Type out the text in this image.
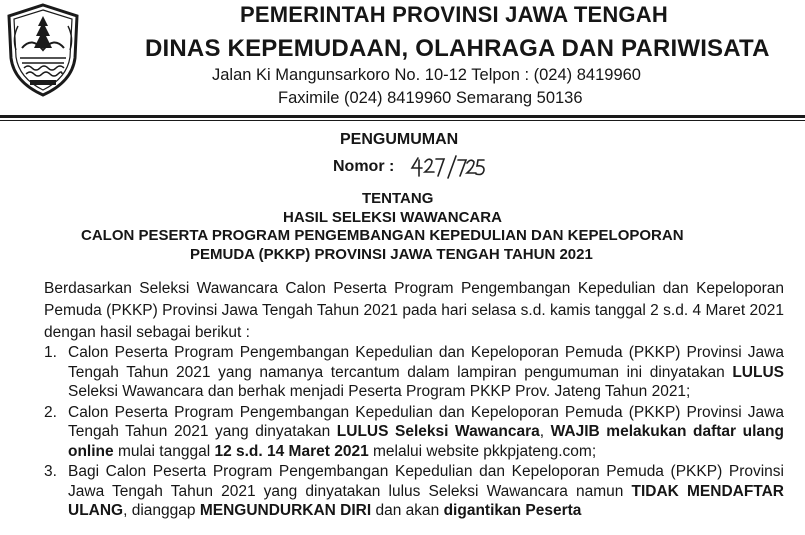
PEMERINTAH PROVINSI JAWA TENGAH
DINAS KEPEMUDAAN, OLAHRAGA DAN PARIWISATA
Jalan Ki Mangunsarkoro No. 10-12 Telpon : (024) 8419960
Faximile (024) 8419960 Semarang 50136
PENGUMUMAN
Nomor :
TENTANG
HASIL SELEKSI WAWANCARA
CALON PESERTA PROGRAM PENGEMBANGAN KEPEDULIAN DAN KEPELOPORAN
PEMUDA (PKKP) PROVINSI JAWA TENGAH TAHUN 2021
Berdasarkan Seleksi Wawancara Calon Peserta Program Pengembangan Kepedulian dan Kepeloporan Pemuda (PKKP) Provinsi Jawa Tengah Tahun 2021 pada hari selasa s.d. kamis tanggal 2 s.d. 4 Maret 2021 dengan hasil sebagai berikut :
1. Calon Peserta Program Pengembangan Kepedulian dan Kepeloporan Pemuda (PKKP) Provinsi Jawa Tengah Tahun 2021 yang namanya tercantum dalam lampiran pengumuman ini dinyatakan LULUS Seleksi Wawancara dan berhak menjadi Peserta Program PKKP Prov. Jateng Tahun 2021;
2. Calon Peserta Program Pengembangan Kepedulian dan Kepeloporan Pemuda (PKKP) Provinsi Jawa Tengah Tahun 2021 yang dinyatakan LULUS Seleksi Wawancara, WAJIB melakukan daftar ulang online mulai tanggal 12 s.d. 14 Maret 2021 melalui website pkkpjateng.com;
3. Bagi Calon Peserta Program Pengembangan Kepedulian dan Kepeloporan Pemuda (PKKP) Provinsi Jawa Tengah Tahun 2021 yang dinyatakan lulus Seleksi Wawancara namun TIDAK MENDAFTAR ULANG, dianggap MENGUNDURKAN DIRI dan akan digantikan Peserta
